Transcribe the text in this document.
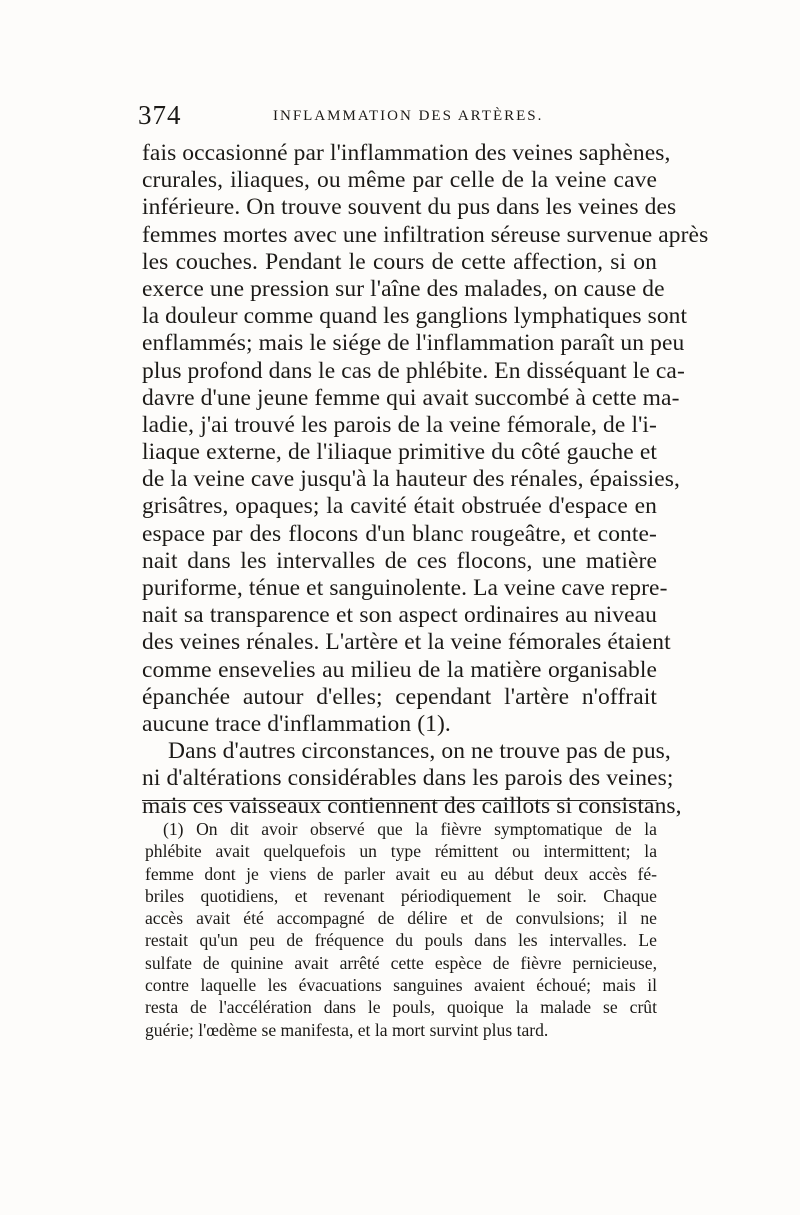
374	INFLAMMATION DES ARTÈRES.
fais occasionné par l'inflammation des veines saphènes,
crurales, iliaques, ou même par celle de la veine cave
inférieure. On trouve souvent du pus dans les veines des
femmes mortes avec une infiltration séreuse survenue après
les couches. Pendant le cours de cette affection, si on
exerce une pression sur l'aîne des malades, on cause de
la douleur comme quand les ganglions lymphatiques sont
enflammés; mais le siége de l'inflammation paraît un peu
plus profond dans le cas de phlébite. En disséquant le ca-
davre d'une jeune femme qui avait succombé à cette ma-
ladie, j'ai trouvé les parois de la veine fémorale, de l'i-
liaque externe, de l'iliaque primitive du côté gauche et
de la veine cave jusqu'à la hauteur des rénales, épaissies,
grisâtres, opaques; la cavité était obstruée d'espace en
espace par des flocons d'un blanc rougeâtre, et conte-
nait dans les intervalles de ces flocons, une matière
puriforme, ténue et sanguinolente. La veine cave repre-
nait sa transparence et son aspect ordinaires au niveau
des veines rénales. L'artère et la veine fémorales étaient
comme ensevelies au milieu de la matière organisable
épanchée autour d'elles; cependant l'artère n'offrait
aucune trace d'inflammation (1).
Dans d'autres circonstances, on ne trouve pas de pus,
ni d'altérations considérables dans les parois des veines;
mais ces vaisseaux contiennent des caillots si consistans,
(1) On dit avoir observé que la fièvre symptomatique de la
phlébite avait quelquefois un type rémittent ou intermittent; la
femme dont je viens de parler avait eu au début deux accès fé-
briles quotidiens, et revenant périodiquement le soir. Chaque
accès avait été accompagné de délire et de convulsions; il ne
restait qu'un peu de fréquence du pouls dans les intervalles. Le
sulfate de quinine avait arrêté cette espèce de fièvre pernicieuse,
contre laquelle les évacuations sanguines avaient échoué; mais il
resta de l'accélération dans le pouls, quoique la malade se crût
guérie; l'œdème se manifesta, et la mort survint plus tard.
